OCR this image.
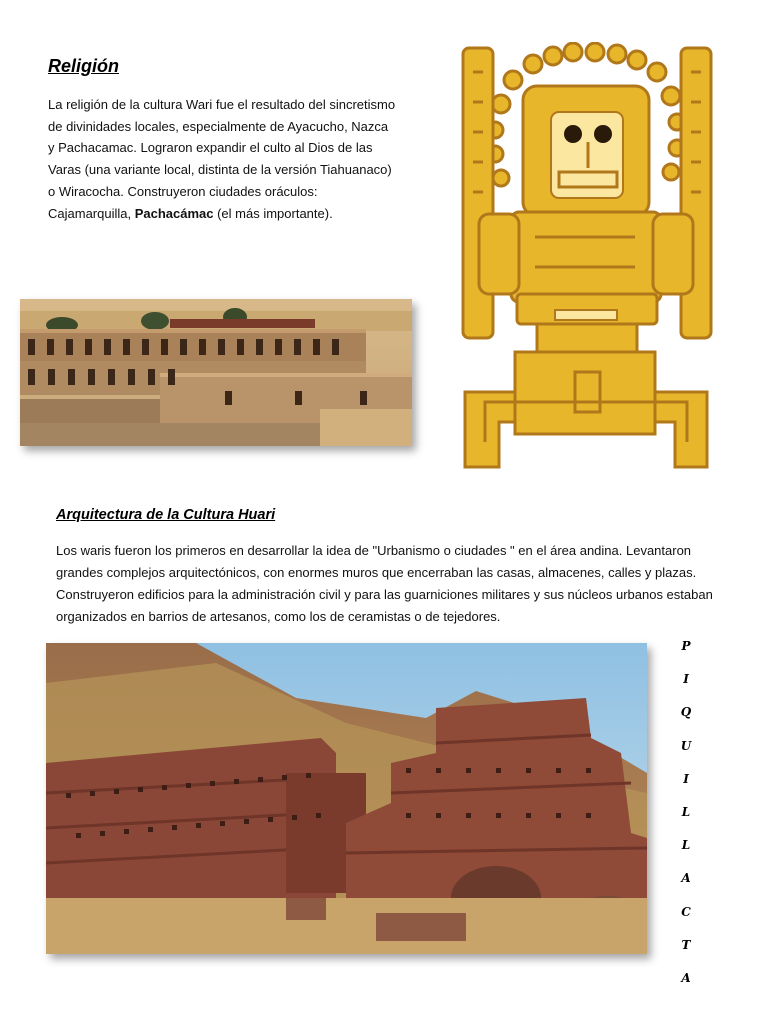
Religión
La religión de la cultura Wari fue el resultado del sincretismo de divinidades locales, especialmente de Ayacucho, Nazca y Pachacamac. Lograron expandir el culto al Dios de las Varas (una variante local, distinta de la versión Tiahuanaco) o Wiracocha. Construyeron ciudades oráculos: Cajamarquilla, Pachacámac (el más importante).
Arquitectura de la Cultura Huari
Los waris fueron los primeros en desarrollar la idea de "Urbanismo o ciudades " en el área andina. Levantaron grandes complejos arquitectónicos, con enormes muros que encerraban las casas, almacenes, calles y plazas. Construyeron edificios para la administración civil y para las guarniciones militares y sus núcleos urbanos estaban organizados en barrios de artesanos, como los de ceramistas o de tejedores.
P
I
Q
U
I
L
L
A
C
T
A
